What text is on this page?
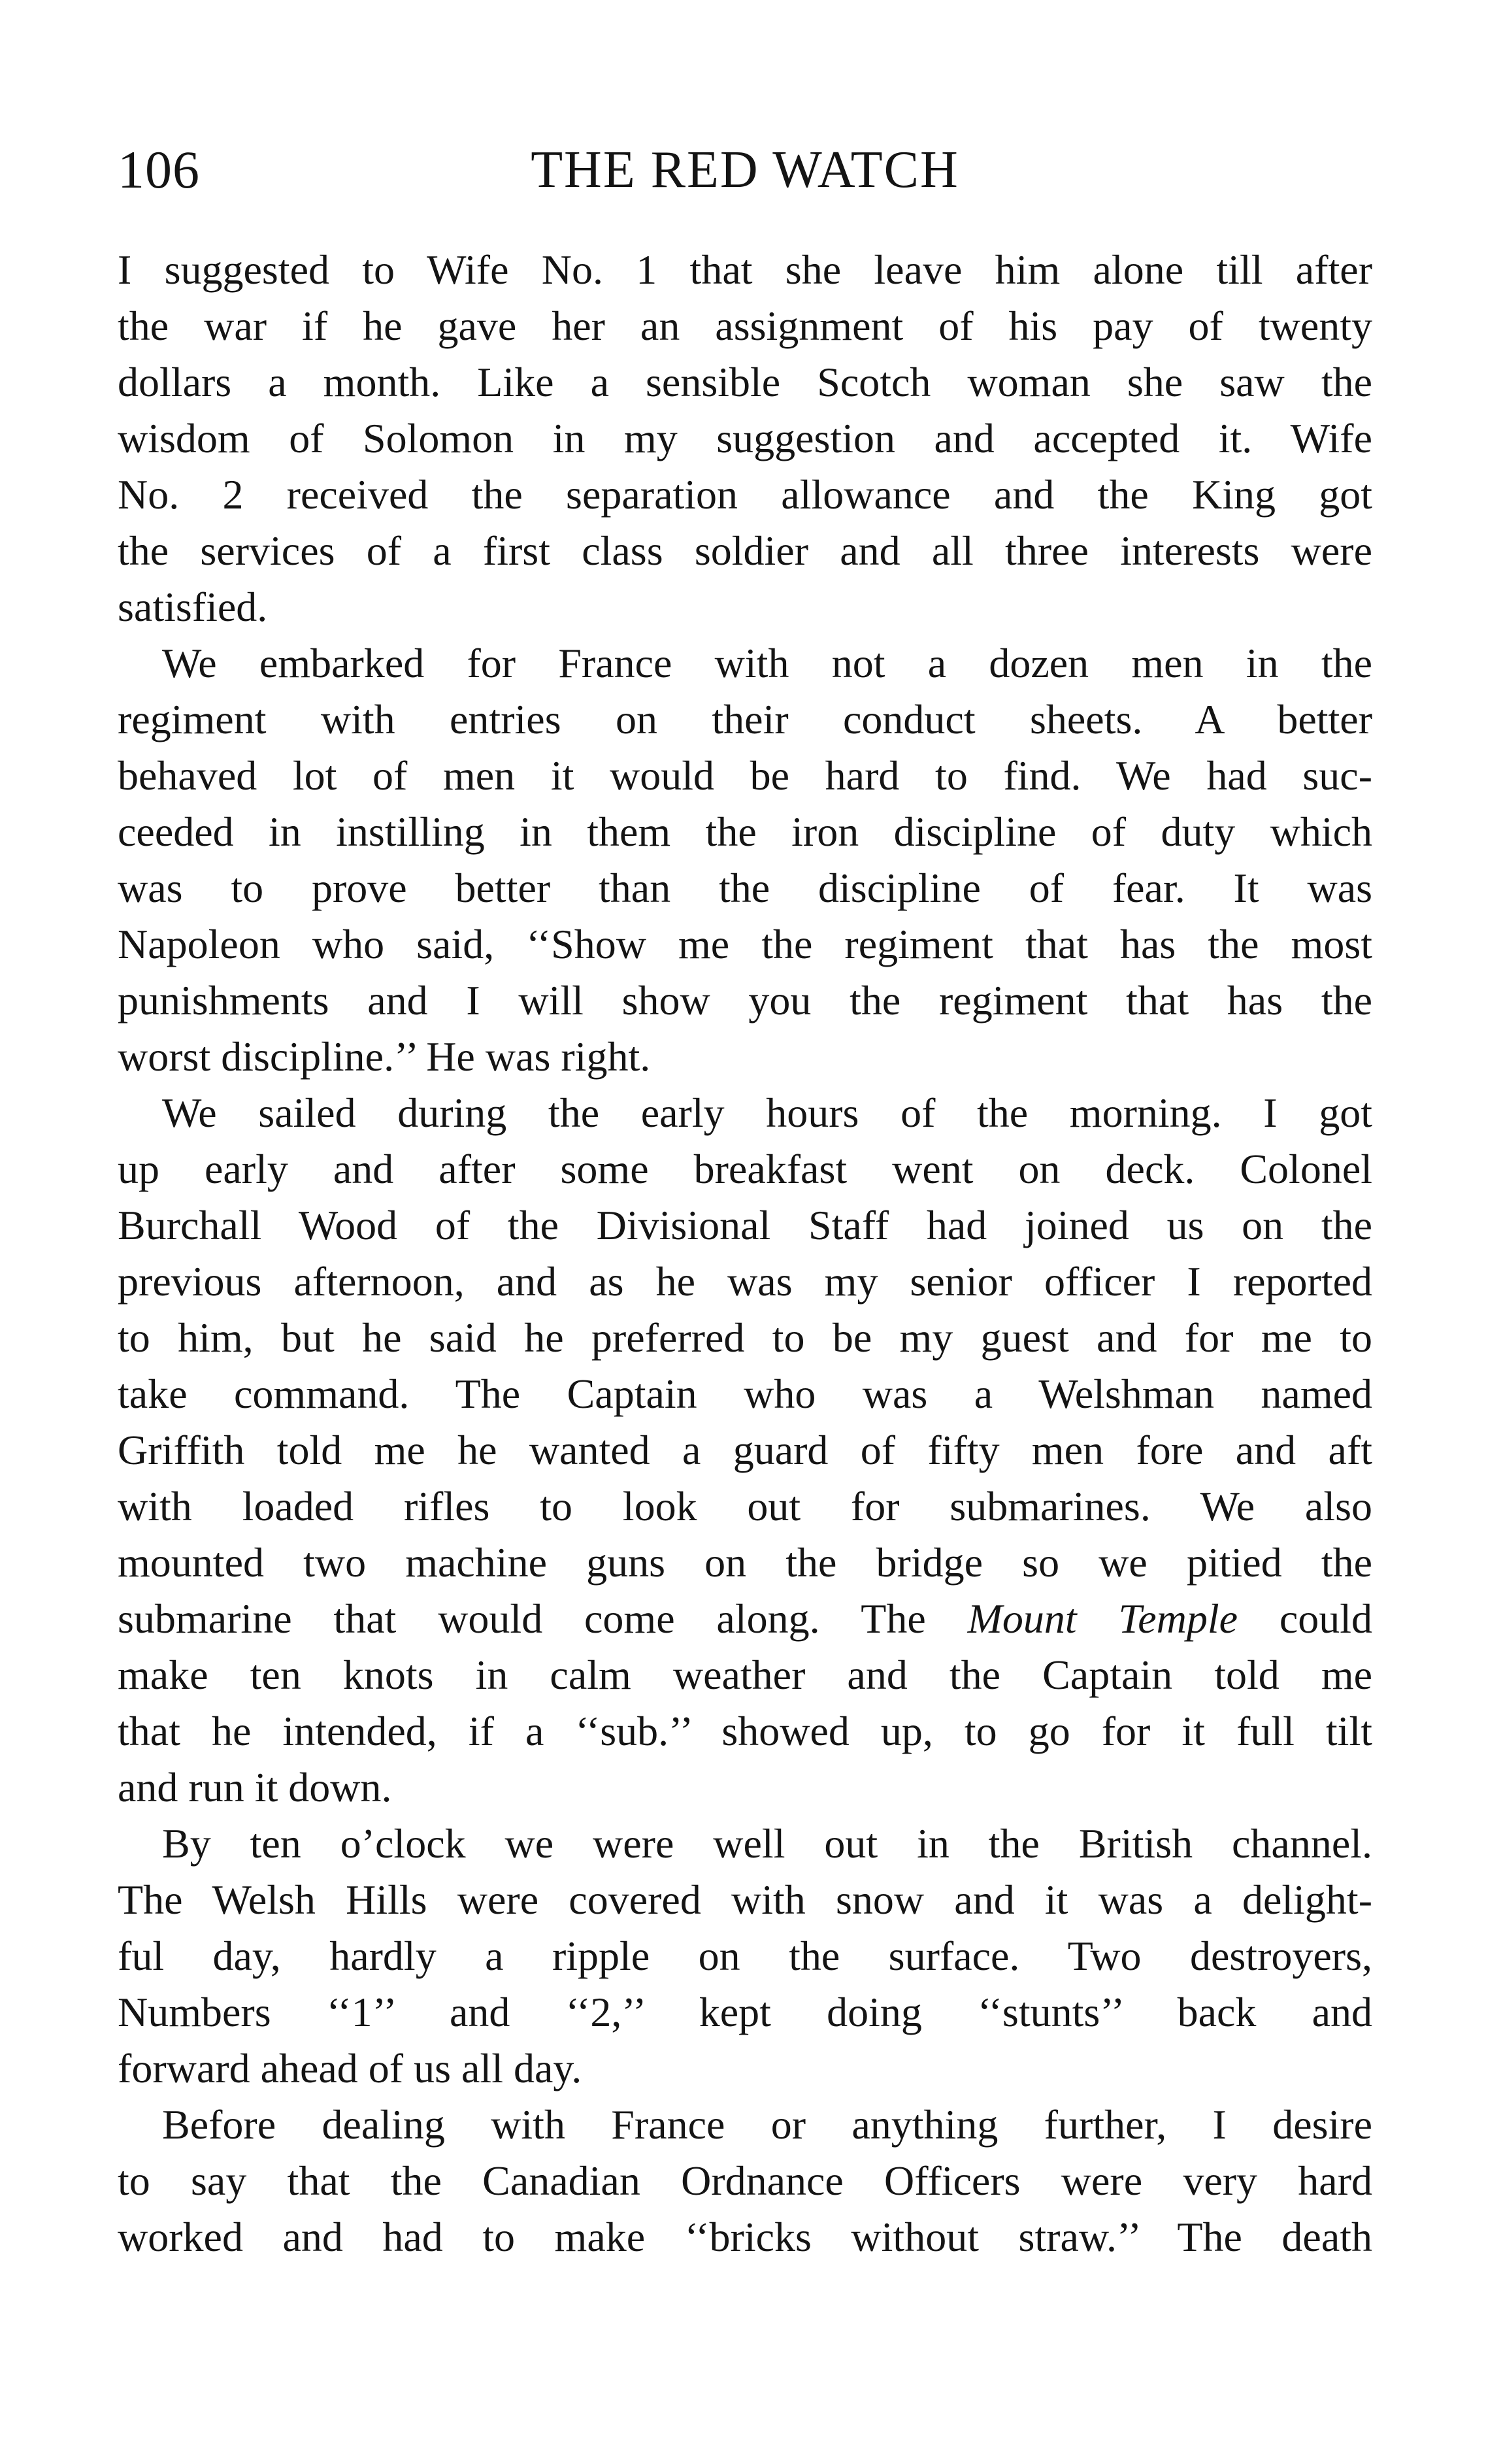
106	THE RED WATCH
I suggested to Wife No. 1 that she leave him alone till after
the war if he gave her an assignment of his pay of twenty
dollars a month. Like a sensible Scotch woman she saw the
wisdom of Solomon in my suggestion and accepted it. Wife
No. 2 received the separation allowance and the King got
the services of a first class soldier and all three interests were
satisfied.
We embarked for France with not a dozen men in the
regiment with entries on their conduct sheets. A better
behaved lot of men it would be hard to find. We had suc-
ceeded in instilling in them the iron discipline of duty which
was to prove better than the discipline of fear. It was
Napoleon who said, ‘‘Show me the regiment that has the most
punishments and I will show you the regiment that has the
worst discipline.’’ He was right.
We sailed during the early hours of the morning. I got
up early and after some breakfast went on deck. Colonel
Burchall Wood of the Divisional Staff had joined us on the
previous afternoon, and as he was my senior officer I reported
to him, but he said he preferred to be my guest and for me to
take command. The Captain who was a Welshman named
Griffith told me he wanted a guard of fifty men fore and aft
with loaded rifles to look out for submarines. We also
mounted two machine guns on the bridge so we pitied the
submarine that would come along. The Mount Temple could
make ten knots in calm weather and the Captain told me
that he intended, if a ‘‘sub.’’ showed up, to go for it full tilt
and run it down.
By ten o’clock we were well out in the British channel.
The Welsh Hills were covered with snow and it was a delight-
ful day, hardly a ripple on the surface. Two destroyers,
Numbers ‘‘1’’ and ‘‘2,’’ kept doing ‘‘stunts’’ back and
forward ahead of us all day.
Before dealing with France or anything further, I desire
to say that the Canadian Ordnance Officers were very hard
worked and had to make ‘‘bricks without straw.’’ The death
